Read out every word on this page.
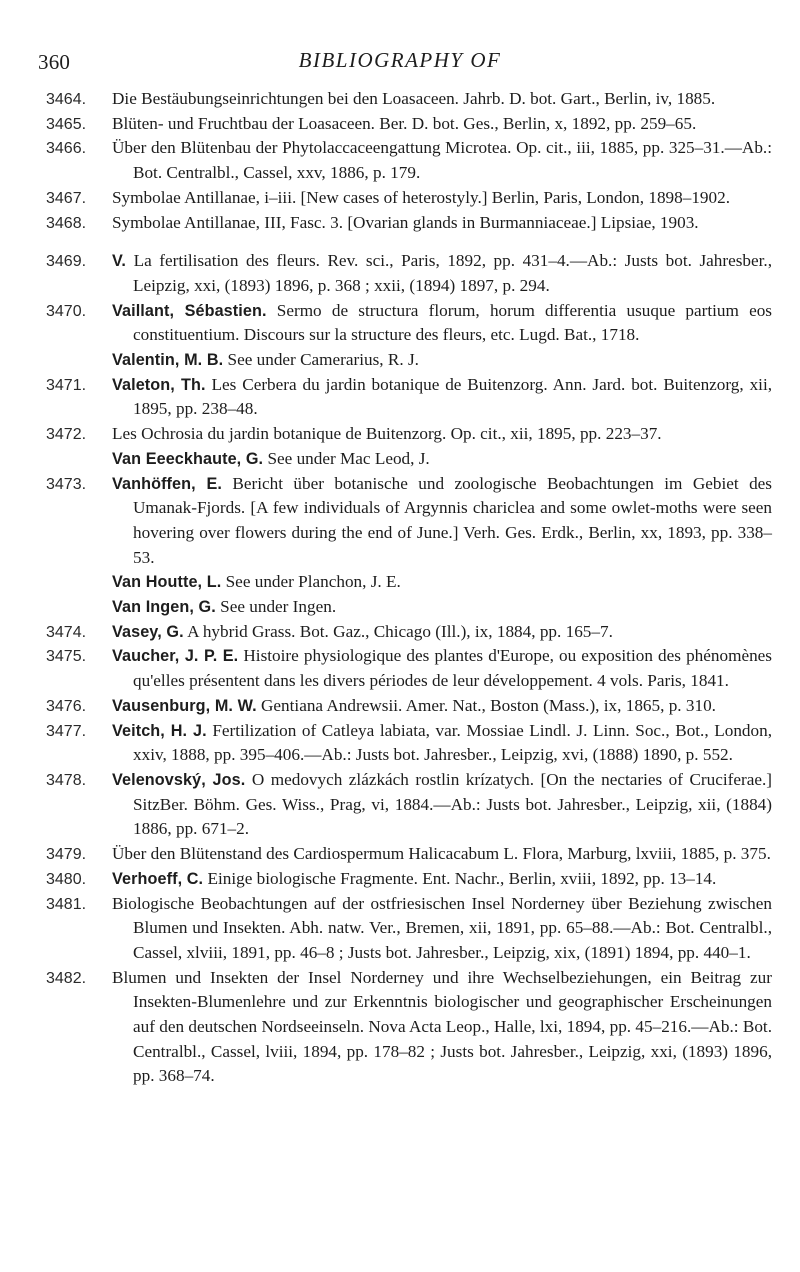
360	BIBLIOGRAPHY OF
3464. Die Bestäubungseinrichtungen bei den Loasaceen. Jahrb. D. bot. Gart., Berlin, iv, 1885.
3465. Blüten- und Fruchtbau der Loasaceen. Ber. D. bot. Ges., Berlin, x, 1892, pp. 259–65.
3466. Über den Blütenbau der Phytolaccaceengattung Microtea. Op. cit., iii, 1885, pp. 325–31.—Ab.: Bot. Centralbl., Cassel, xxv, 1886, p. 179.
3467. Symbolae Antillanae, i–iii. [New cases of heterostyly.] Berlin, Paris, London, 1898–1902.
3468. Symbolae Antillanae, III, Fasc. 3. [Ovarian glands in Burmanniaceae.] Lipsiae, 1903.
3469. V. La fertilisation des fleurs. Rev. sci., Paris, 1892, pp. 431–4.—Ab.: Justs bot. Jahresber., Leipzig, xxi, (1893) 1896, p. 368 ; xxii, (1894) 1897, p. 294.
3470. Vaillant, Sébastien. Sermo de structura florum, horum differentia usuque partium eos constituentium. Discours sur la structure des fleurs, etc. Lugd. Bat., 1718.
Valentin, M. B. See under Camerarius, R. J.
3471. Valeton, Th. Les Cerbera du jardin botanique de Buitenzorg. Ann. Jard. bot. Buitenzorg, xii, 1895, pp. 238–48.
3472. Les Ochrosia du jardin botanique de Buitenzorg. Op. cit., xii, 1895, pp. 223–37.
Van Eeeckhaute, G. See under Mac Leod, J.
3473. Vanhöffen, E. Bericht über botanische und zoologische Beobachtungen im Gebiet des Umanak-Fjords. [A few individuals of Argynnis chariclea and some owlet-moths were seen hovering over flowers during the end of June.] Verh. Ges. Erdk., Berlin, xx, 1893, pp. 338–53.
Van Houtte, L. See under Planchon, J. E.
Van Ingen, G. See under Ingen.
3474. Vasey, G. A hybrid Grass. Bot. Gaz., Chicago (Ill.), ix, 1884, pp. 165–7.
3475. Vaucher, J. P. E. Histoire physiologique des plantes d'Europe, ou exposition des phénomènes qu'elles présentent dans les divers périodes de leur développement. 4 vols. Paris, 1841.
3476. Vausenburg, M. W. Gentiana Andrewsii. Amer. Nat., Boston (Mass.), ix, 1865, p. 310.
3477. Veitch, H. J. Fertilization of Catleya labiata, var. Mossiae Lindl. J. Linn. Soc., Bot., London, xxiv, 1888, pp. 395–406.—Ab.: Justs bot. Jahresber., Leipzig, xvi, (1888) 1890, p. 552.
3478. Velenovský, Jos. O medovych zlázkách rostlin krízatych. [On the nectaries of Cruciferae.] SitzBer. Böhm. Ges. Wiss., Prag, vi, 1884.—Ab.: Justs bot. Jahresber., Leipzig, xii, (1884) 1886, pp. 671–2.
3479. Über den Blütenstand des Cardiospermum Halicacabum L. Flora, Marburg, lxviii, 1885, p. 375.
3480. Verhoeff, C. Einige biologische Fragmente. Ent. Nachr., Berlin, xviii, 1892, pp. 13–14.
3481. Biologische Beobachtungen auf der ostfriesischen Insel Norderney über Beziehung zwischen Blumen und Insekten. Abh. natw. Ver., Bremen, xii, 1891, pp. 65–88.—Ab.: Bot. Centralbl., Cassel, xlviii, 1891, pp. 46–8 ; Justs bot. Jahresber., Leipzig, xix, (1891) 1894, pp. 440–1.
3482. Blumen und Insekten der Insel Norderney und ihre Wechselbeziehungen, ein Beitrag zur Insekten-Blumenlehre und zur Erkenntnis biologischer und geographischer Erscheinungen auf den deutschen Nordseeinseln. Nova Acta Leop., Halle, lxi, 1894, pp. 45–216.—Ab.: Bot. Centralbl., Cassel, lviii, 1894, pp. 178–82 ; Justs bot. Jahresber., Leipzig, xxi, (1893) 1896, pp. 368–74.
